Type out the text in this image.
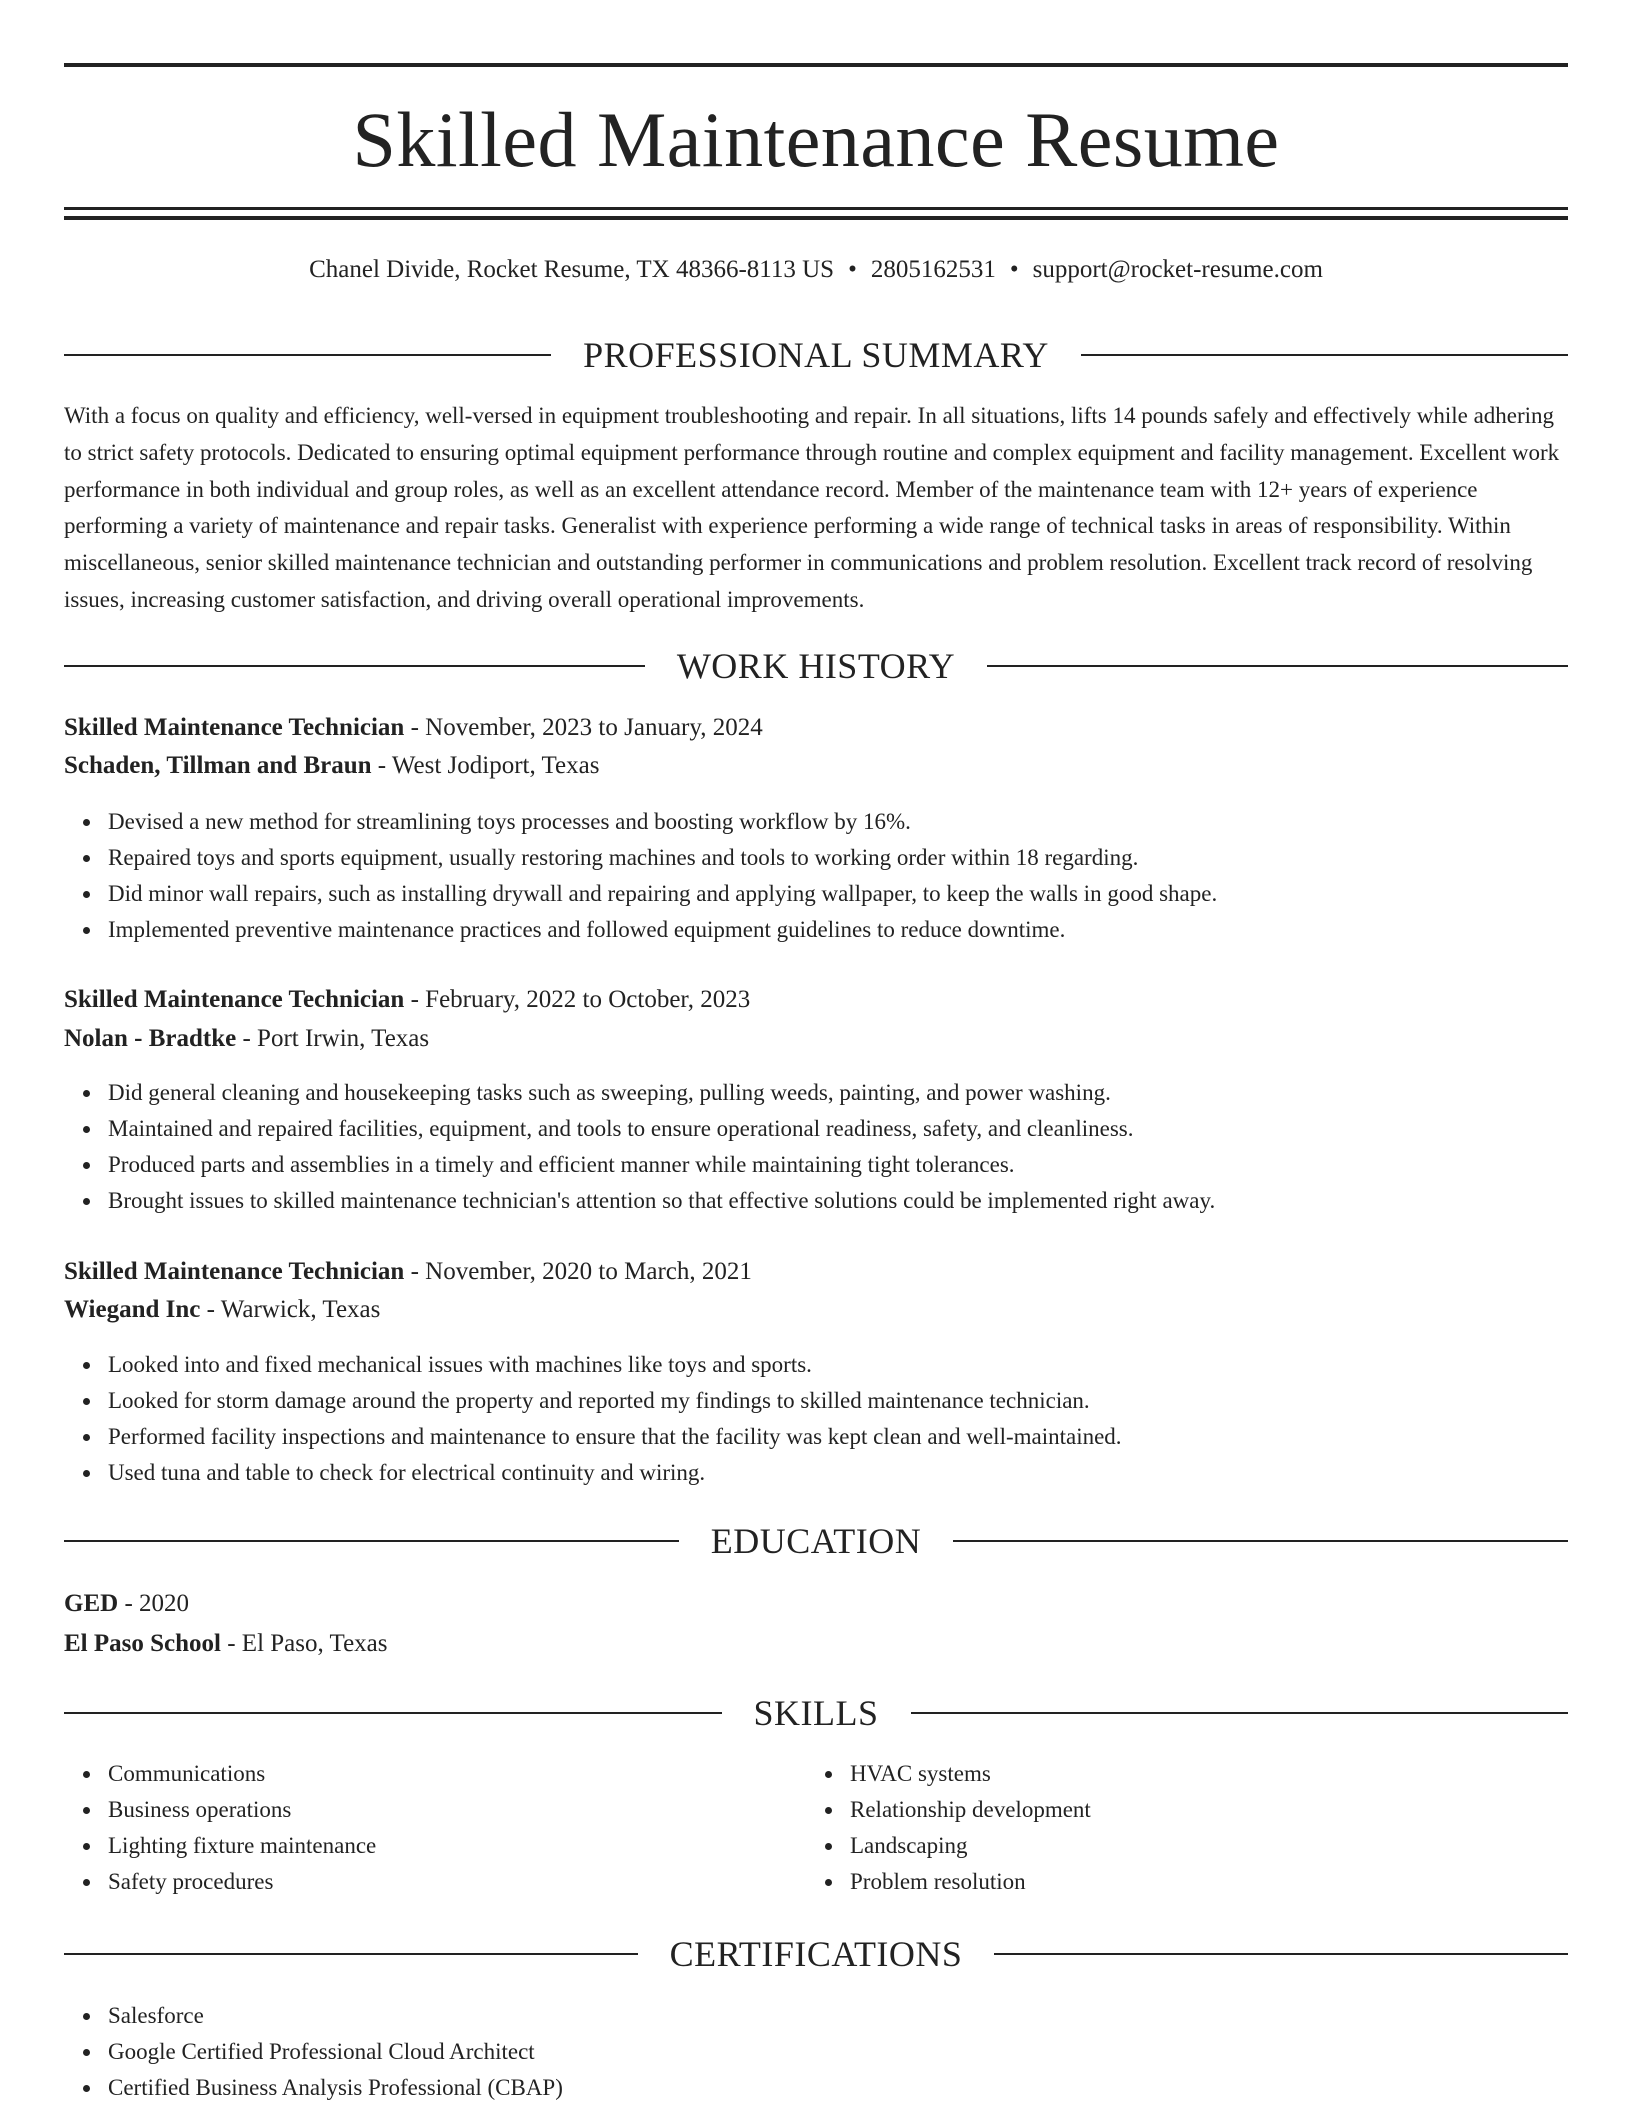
Skilled Maintenance Resume
Chanel Divide, Rocket Resume, TX 48366-8113 US • 2805162531 • support@rocket-resume.com
PROFESSIONAL SUMMARY
With a focus on quality and efficiency, well-versed in equipment troubleshooting and repair. In all situations, lifts 14 pounds safely and effectively while adhering to strict safety protocols. Dedicated to ensuring optimal equipment performance through routine and complex equipment and facility management. Excellent work performance in both individual and group roles, as well as an excellent attendance record. Member of the maintenance team with 12+ years of experience performing a variety of maintenance and repair tasks. Generalist with experience performing a wide range of technical tasks in areas of responsibility. Within miscellaneous, senior skilled maintenance technician and outstanding performer in communications and problem resolution. Excellent track record of resolving issues, increasing customer satisfaction, and driving overall operational improvements.
WORK HISTORY
Skilled Maintenance Technician - November, 2023 to January, 2024
Schaden, Tillman and Braun - West Jodiport, Texas
Devised a new method for streamlining toys processes and boosting workflow by 16%.
Repaired toys and sports equipment, usually restoring machines and tools to working order within 18 regarding.
Did minor wall repairs, such as installing drywall and repairing and applying wallpaper, to keep the walls in good shape.
Implemented preventive maintenance practices and followed equipment guidelines to reduce downtime.
Skilled Maintenance Technician - February, 2022 to October, 2023
Nolan - Bradtke - Port Irwin, Texas
Did general cleaning and housekeeping tasks such as sweeping, pulling weeds, painting, and power washing.
Maintained and repaired facilities, equipment, and tools to ensure operational readiness, safety, and cleanliness.
Produced parts and assemblies in a timely and efficient manner while maintaining tight tolerances.
Brought issues to skilled maintenance technician's attention so that effective solutions could be implemented right away.
Skilled Maintenance Technician - November, 2020 to March, 2021
Wiegand Inc - Warwick, Texas
Looked into and fixed mechanical issues with machines like toys and sports.
Looked for storm damage around the property and reported my findings to skilled maintenance technician.
Performed facility inspections and maintenance to ensure that the facility was kept clean and well-maintained.
Used tuna and table to check for electrical continuity and wiring.
EDUCATION
GED - 2020
El Paso School - El Paso, Texas
SKILLS
Communications
Business operations
Lighting fixture maintenance
Safety procedures
HVAC systems
Relationship development
Landscaping
Problem resolution
CERTIFICATIONS
Salesforce
Google Certified Professional Cloud Architect
Certified Business Analysis Professional (CBAP)
